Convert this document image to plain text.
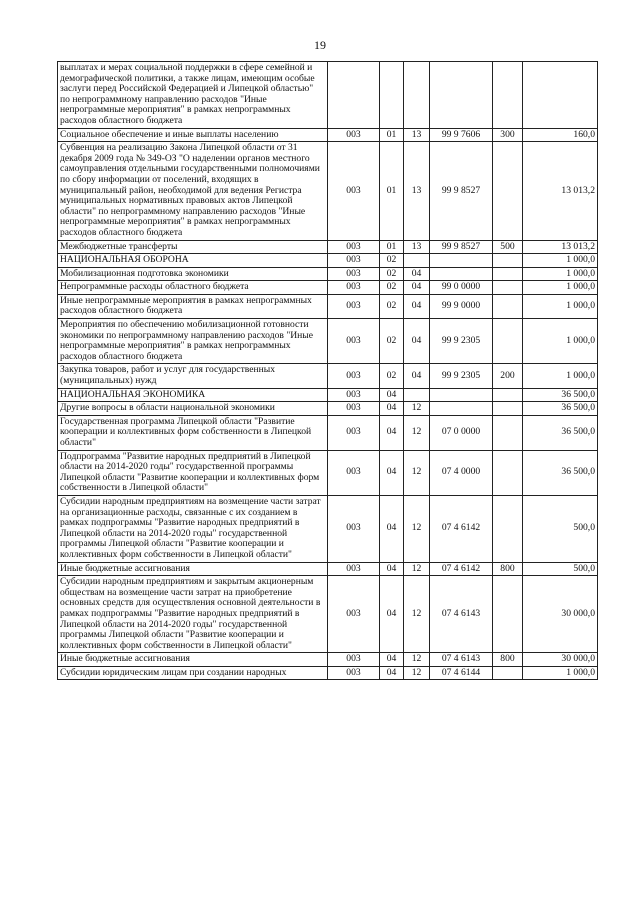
19
выплатах и мерах социальной поддержки в сфере семейной и демографической политики, а также лицам, имеющим особые заслуги перед Российской Федерацией и Липецкой областью" по непрограммному направлению расходов "Иные непрограммные мероприятия" в рамках непрограммных расходов областного бюджета						
Социальное обеспечение и иные выплаты населению	003	01	13	99 9 7606	300	160,0
Субвенция на реализацию Закона Липецкой области от 31 декабря 2009 года № 349-ОЗ "О наделении органов местного самоуправления отдельными государственными полномочиями по сбору информации от поселений, входящих в муниципальный район, необходимой для ведения Регистра муниципальных нормативных правовых актов Липецкой области" по непрограммному направлению расходов "Иные непрограммные мероприятия" в рамках непрограммных расходов областного бюджета	003	01	13	99 9 8527		13 013,2
Межбюджетные трансферты	003	01	13	99 9 8527	500	13 013,2
НАЦИОНАЛЬНАЯ ОБОРОНА	003	02				1 000,0
Мобилизационная подготовка экономики	003	02	04			1 000,0
Непрограммные расходы областного бюджета	003	02	04	99 0 0000		1 000,0
Иные непрограммные мероприятия в рамках непрограммных расходов областного бюджета	003	02	04	99 9 0000		1 000,0
Мероприятия по обеспечению мобилизационной готовности экономики по непрограммному направлению расходов "Иные непрограммные мероприятия" в рамках непрограммных расходов областного бюджета	003	02	04	99 9 2305		1 000,0
Закупка товаров, работ и услуг для государственных (муниципальных) нужд	003	02	04	99 9 2305	200	1 000,0
НАЦИОНАЛЬНАЯ ЭКОНОМИКА	003	04				36 500,0
Другие вопросы в области национальной экономики	003	04	12			36 500,0
Государственная программа Липецкой области "Развитие кооперации и коллективных форм собственности в Липецкой области"	003	04	12	07 0 0000		36 500,0
Подпрограмма "Развитие народных предприятий в Липецкой области на 2014-2020 годы" государственной программы Липецкой области "Развитие кооперации и коллективных форм собственности в Липецкой области"	003	04	12	07 4 0000		36 500,0
Субсидии народным предприятиям на возмещение части затрат на организационные расходы, связанные с их созданием в рамках подпрограммы "Развитие народных предприятий в Липецкой области на 2014-2020 годы" государственной программы Липецкой области "Развитие кооперации и коллективных форм собственности в Липецкой области"	003	04	12	07 4 6142		500,0
Иные бюджетные ассигнования	003	04	12	07 4 6142	800	500,0
Субсидии народным предприятиям и закрытым акционерным обществам на возмещение части затрат на приобретение основных средств для осуществления основной деятельности в рамках подпрограммы "Развитие народных предприятий в Липецкой области на 2014-2020 годы" государственной программы Липецкой области "Развитие кооперации и коллективных форм собственности в Липецкой области"	003	04	12	07 4 6143		30 000,0
Иные бюджетные ассигнования	003	04	12	07 4 6143	800	30 000,0
Субсидии юридическим лицам при создании народных	003	04	12	07 4 6144		1 000,0
